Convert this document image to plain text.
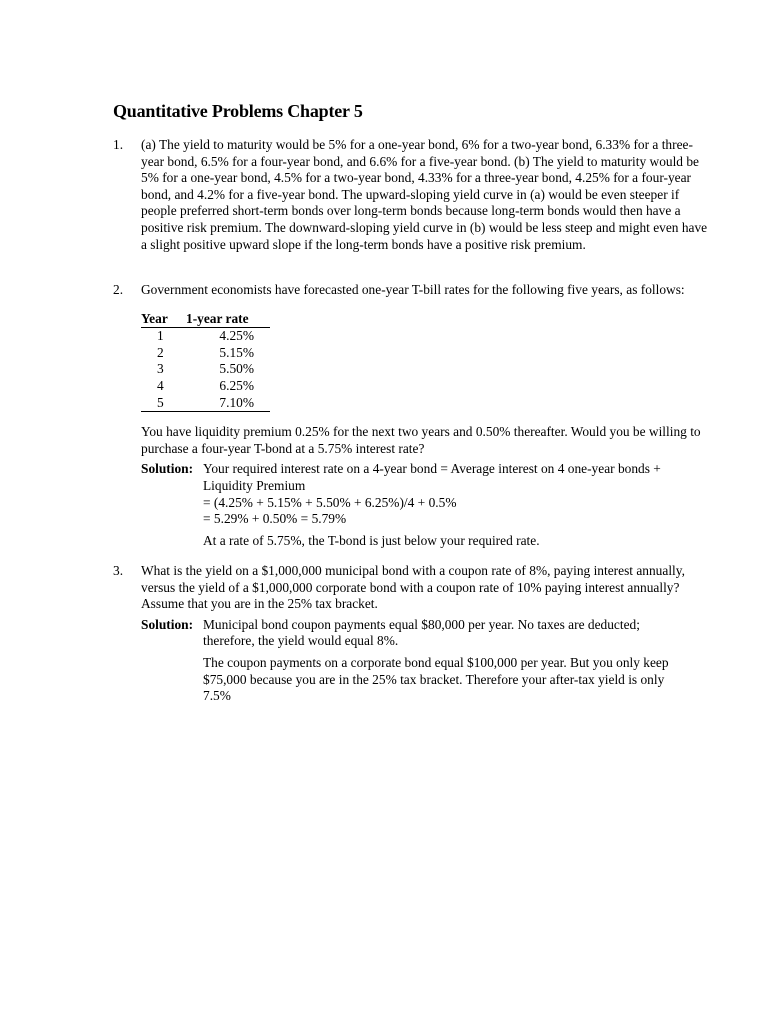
Quantitative Problems Chapter 5
1. (a) The yield to maturity would be 5% for a one-year bond, 6% for a two-year bond, 6.33% for a three-year bond, 6.5% for a four-year bond, and 6.6% for a five-year bond. (b) The yield to maturity would be 5% for a one-year bond, 4.5% for a two-year bond, 4.33% for a three-year bond, 4.25% for a four-year bond, and 4.2% for a five-year bond. The upward-sloping yield curve in (a) would be even steeper if people preferred short-term bonds over long-term bonds because long-term bonds would then have a positive risk premium. The downward-sloping yield curve in (b) would be less steep and might even have a slight positive upward slope if the long-term bonds have a positive risk premium.

2. Government economists have forecasted one-year T-bill rates for the following five years, as follows:

Year	1-year rate
1	4.25%
2	5.15%
3	5.50%
4	6.25%
5	7.10%

You have liquidity premium 0.25% for the next two years and 0.50% thereafter. Would you be willing to purchase a four-year T-bond at a 5.75% interest rate?

Solution: Your required interest rate on a 4-year bond = Average interest on 4 one-year bonds + Liquidity Premium

= (4.25% + 5.15% + 5.50% + 6.25%)/4 + 0.5%

= 5.29% + 0.50% = 5.79%

At a rate of 5.75%, the T-bond is just below your required rate.

3. What is the yield on a $1,000,000 municipal bond with a coupon rate of 8%, paying interest annually, versus the yield of a $1,000,000 corporate bond with a coupon rate of 10% paying interest annually? Assume that you are in the 25% tax bracket.

Solution: Municipal bond coupon payments equal $80,000 per year. No taxes are deducted; therefore, the yield would equal 8%.

The coupon payments on a corporate bond equal $100,000 per year. But you only keep $75,000 because you are in the 25% tax bracket. Therefore your after-tax yield is only 7.5%
